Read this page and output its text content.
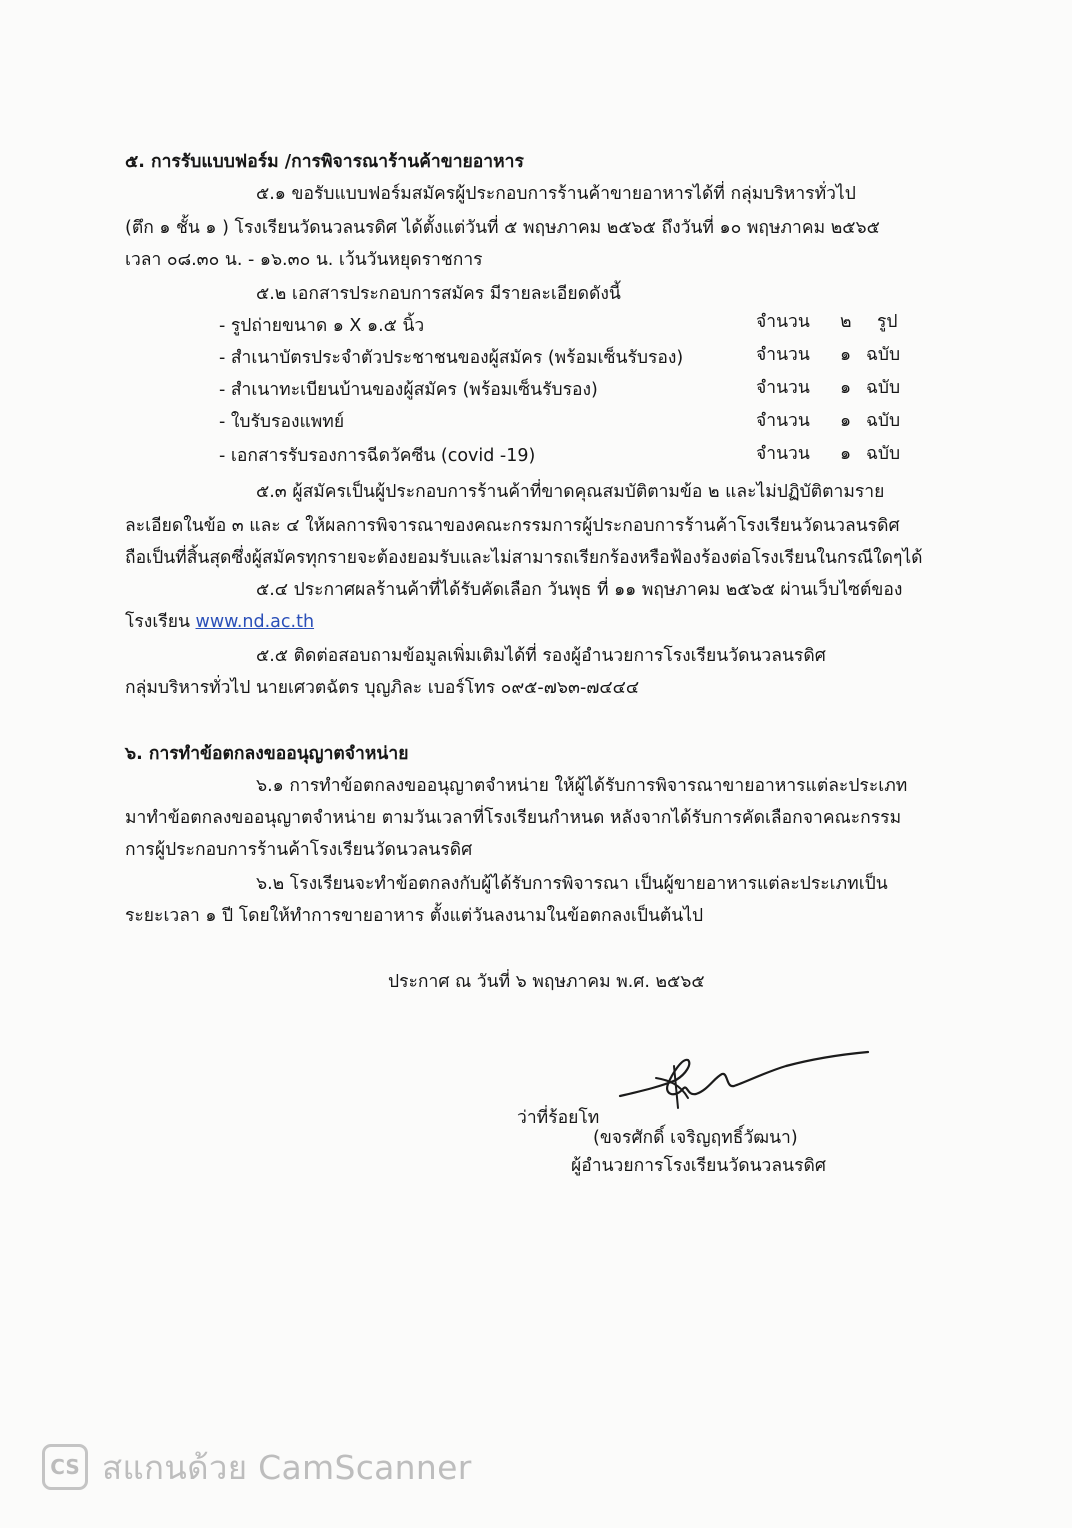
๕. การรับแบบฟอร์ม /การพิจารณาร้านค้าขายอาหาร
๕.๑ ขอรับแบบฟอร์มสมัครผู้ประกอบการร้านค้าขายอาหารได้ที่ กลุ่มบริหารทั่วไป
(ตึก ๑ ชั้น ๑ ) โรงเรียนวัดนวลนรดิศ ได้ตั้งแต่วันที่ ๕ พฤษภาคม ๒๕๖๕ ถึงวันที่ ๑๐ พฤษภาคม ๒๕๖๕
เวลา ๐๘.๓๐ น. - ๑๖.๓๐ น. เว้นวันหยุดราชการ
๕.๒ เอกสารประกอบการสมัคร มีรายละเอียดดังนี้
- รูปถ่ายขนาด ๑ X ๑.๕ นิ้ว	จำนวน ๒ รูป
- สำเนาบัตรประจำตัวประชาชนของผู้สมัคร (พร้อมเซ็นรับรอง)	จำนวน ๑ ฉบับ
- สำเนาทะเบียนบ้านของผู้สมัคร (พร้อมเซ็นรับรอง)	จำนวน ๑ ฉบับ
- ใบรับรองแพทย์	จำนวน ๑ ฉบับ
- เอกสารรับรองการฉีดวัคซีน (covid -19)	จำนวน ๑ ฉบับ
๕.๓ ผู้สมัครเป็นผู้ประกอบการร้านค้าที่ขาดคุณสมบัติตามข้อ ๒ และไม่ปฏิบัติตามราย
ละเอียดในข้อ ๓ และ ๔ ให้ผลการพิจารณาของคณะกรรมการผู้ประกอบการร้านค้าโรงเรียนวัดนวลนรดิศ
ถือเป็นที่สิ้นสุดซึ่งผู้สมัครทุกรายจะต้องยอมรับและไม่สามารถเรียกร้องหรือฟ้องร้องต่อโรงเรียนในกรณีใดๆได้
๕.๔ ประกาศผลร้านค้าที่ได้รับคัดเลือก วันพุธ ที่ ๑๑ พฤษภาคม ๒๕๖๕ ผ่านเว็บไซต์ของ
โรงเรียน www.nd.ac.th
๕.๕ ติดต่อสอบถามข้อมูลเพิ่มเติมได้ที่ รองผู้อำนวยการโรงเรียนวัดนวลนรดิศ
กลุ่มบริหารทั่วไป นายเศวตฉัตร บุญภิละ เบอร์โทร ๐๙๕-๗๖๓-๗๔๔๔
๖. การทำข้อตกลงขออนุญาตจำหน่าย
๖.๑ การทำข้อตกลงขออนุญาตจำหน่าย ให้ผู้ได้รับการพิจารณาขายอาหารแต่ละประเภท
มาทำข้อตกลงขออนุญาตจำหน่าย ตามวันเวลาที่โรงเรียนกำหนด หลังจากได้รับการคัดเลือกจาคณะกรรม
การผู้ประกอบการร้านค้าโรงเรียนวัดนวลนรดิศ
๖.๒ โรงเรียนจะทำข้อตกลงกับผู้ได้รับการพิจารณา เป็นผู้ขายอาหารแต่ละประเภทเป็น
ระยะเวลา ๑ ปี โดยให้ทำการขายอาหาร ตั้งแต่วันลงนามในข้อตกลงเป็นต้นไป
ประกาศ ณ วันที่ ๖ พฤษภาคม พ.ศ. ๒๕๖๕
ว่าที่ร้อยโท
(ขจรศักดิ์ เจริญฤทธิ์วัฒนา)
ผู้อำนวยการโรงเรียนวัดนวลนรดิศ
CS สแกนด้วย CamScanner
